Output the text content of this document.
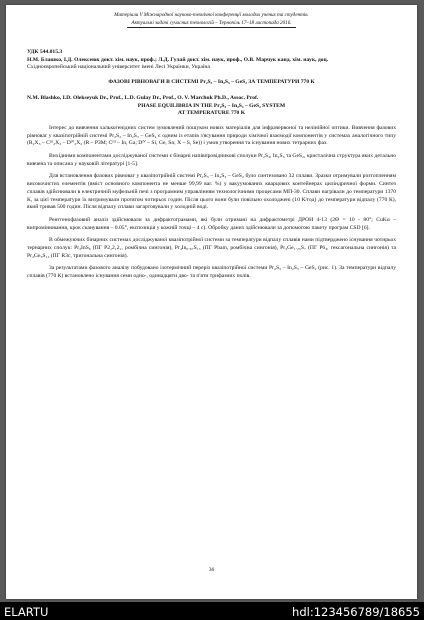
Матеріали V Міжнародної науково-технічної конференції молодих учених та студентів.
Актуальні задачі сучасних технологій – Тернопіль 17–18 листопада 2016.

УДК 544.015.3

Н.М. Блашко, І.Д. Олексеюк докт. хім. наук, проф.; Л.Д. Гулай докт. хім. наук, проф., О.В. Марчук канд. хім. наук, доц.

Східноєвропейський національний університет імені Лесі Українки, Україна

ФАЗОВІ РІВНОВАГИ В СИСТЕМІ Pr₂S₃ – In₂S₃ – GeS₂ ЗА ТЕМПЕРАТУРИ 770 К

N.M. Blashko, I.D. Olekseyuk Dr., Prof., L.D. Gulay Dr., Prof., O. V. Marchuk Ph.D., Assoc. Prof.

PHASE EQUILIBRIA IN THE Pr₂S₃ – In₂S₃ – GeS₂ SYSTEM
AT TEMPERATURE 770 K

Інтерес до вивчення халькогенідних систем зумовлений пошуком нових матеріалів для інфрачервоної та нелінійної оптики. Вивчення фазових рівноваг у квазіпотрійній системі Pr₂S₃ – In₂S₃ – GeS₂ є одним із етапів з'ясування природи хімічної взаємодії компонентів у системах аналогічного типу (R₂X₃ – Cᴵᴵᴵ₂X₃ – Dᴵⱽ₂X₂ (R – P3M; Cᴵᴵᴵ – In, Ga; Dᴵⱽ – Si, Ge, Sn; X – S, Se)) і умов утворення та існування нових тетрарних фаз.

Вихідними компонентами досліджуваної системи є бінарні напівпровідникові сполуки Pr₂S₃, In₂S₃ та GeS₂, кристалічна структура яких детально вивчена та описана у науковій літературі [1-5].

Для встановлення фазових рівноваг у квазіпотрійній системі Pr₂S₃ – In₂S₃ – GeS₂ було синтезовано 32 сплави. Зразки отримували розтопленням високочистих елементів (вміст основного компонента не менше 99,99 ваг. %) у вакуумованих кварцових контейнерах циліндричної форми. Синтез сплавів здійснювали в електричній муфельній печі з програмним управлінням технологічними процесами МП-30. Сплави нагрівали до температури 1370 К, за цієї температури їх витримували протягом чотирьох годин. Після цього вони були повільно охолоджені (10 К/год) до температури відпалу (770 К), який тривав 500 годин. Після відпалу сплави загартовували у холодній воді.

Рентгенофазовий аналіз здійснювали за дифрактограмами, які були отримані на дифрактометрі ДРОН 4-13 (2Θ = 10 - 80°; CuKα – випромінювання, крок сканування – 0.05°, експозиція у кожній точці – 4 с). Обробку даних здійснювали за допомогою пакету програм CSD [6].

В обмежуючих бінарних системах досліджуваної квазіпотрійної системи за температури відпалу сплавів нами підтверджено існування чотирьох тернарних сполук: Pr₃InS₆ (ПГ P2₁2₁2₁, ромбічна сингонія), Pr₄In₆.₆₇S₁₅ (ПГ Pbam, ромбічна сингонія), Pr₃Ge₁.₂₅S₇ (ПГ P6₃, гексагональна сингонія) та Pr₄Ge₃S₁₂ (ПГ R3c, тригональна сингонія).

За результатами фазового аналізу побудовано ізотермічний переріз квазіпотрійної системи Pr₂S₃ – In₂S₃ – GeS₂ (рис. 1). За температури відпалу сплавів (770 К) встановлено існування семи одно-, одинадцяти дво- та п'яти трифазних полів.

36
ELARTU	hdl:123456789/18655
